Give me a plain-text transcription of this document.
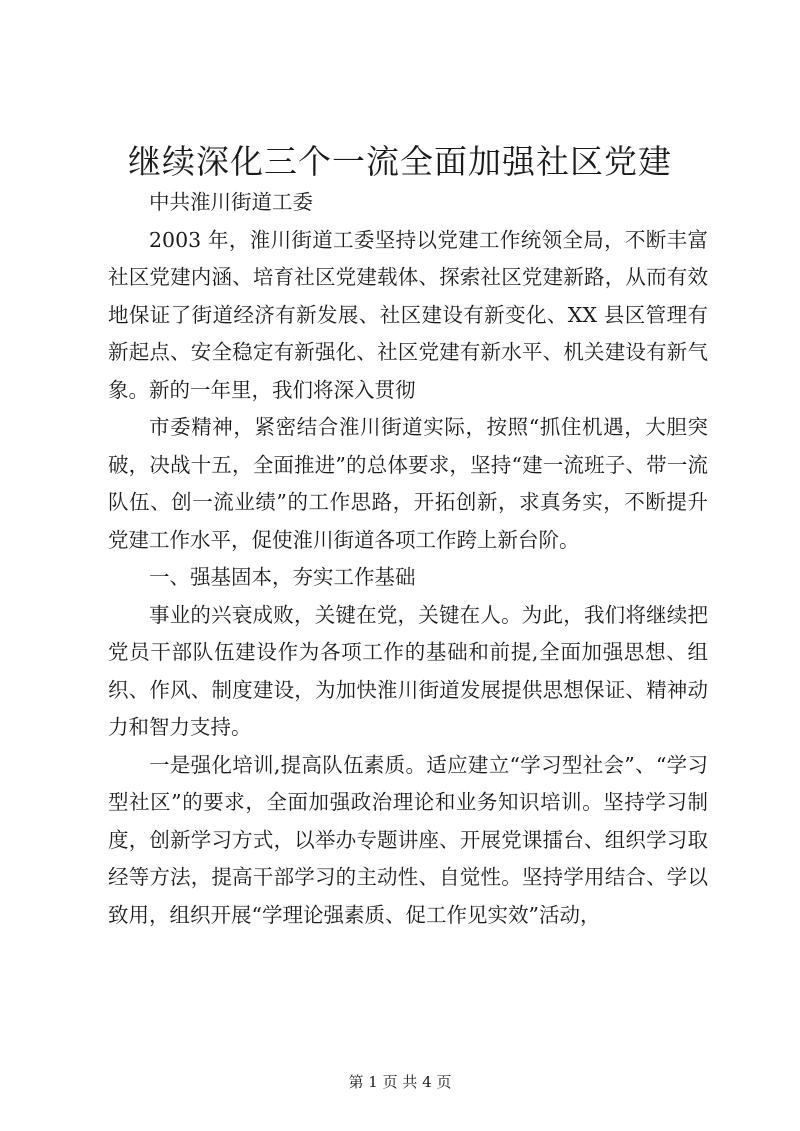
继续深化三个一流全面加强社区党建

中共淮川街道工委

2003 年，淮川街道工委坚持以党建工作统领全局，不断丰富社区党建内涵、培育社区党建载体、探索社区党建新路，从而有效地保证了街道经济有新发展、社区建设有新变化、XX 县区管理有新起点、安全稳定有新强化、社区党建有新水平、机关建设有新气象。新的一年里，我们将深入贯彻

市委精神，紧密结合淮川街道实际，按照“抓住机遇，大胆突破，决战十五，全面推进”的总体要求，坚持“建一流班子、带一流队伍、创一流业绩”的工作思路，开拓创新，求真务实，不断提升党建工作水平，促使淮川街道各项工作跨上新台阶。

一、强基固本，夯实工作基础

事业的兴衰成败，关键在党，关键在人。为此，我们将继续把党员干部队伍建设作为各项工作的基础和前提,全面加强思想、组织、作风、制度建设，为加快淮川街道发展提供思想保证、精神动力和智力支持。

一是强化培训,提高队伍素质。适应建立“学习型社会”、“学习型社区”的要求，全面加强政治理论和业务知识培训。坚持学习制度，创新学习方式，以举办专题讲座、开展党课擂台、组织学习取经等方法，提高干部学习的主动性、自觉性。坚持学用结合、学以致用，组织开展“学理论强素质、促工作见实效”活动，

第 1 页 共 4 页
